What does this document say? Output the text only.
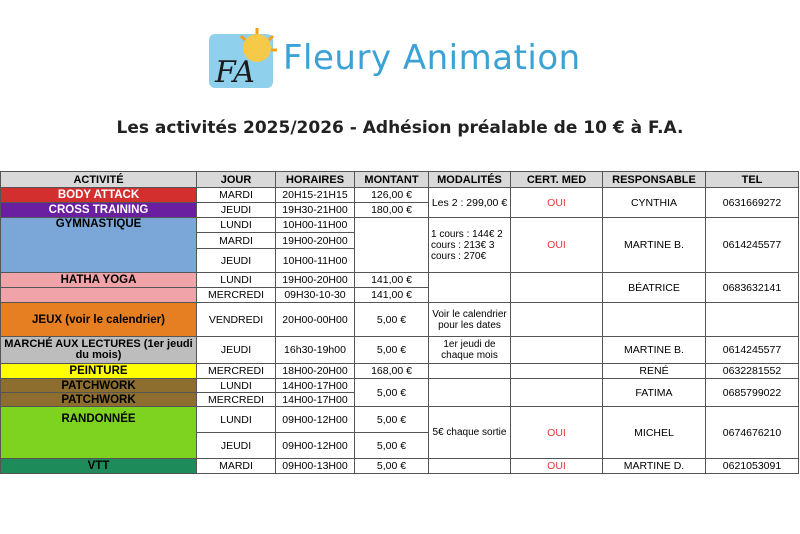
FA Fleury Animation
Les activités 2025/2026 - Adhésion préalable de 10 € à F.A.
ACTIVITÉ	JOUR	HORAIRES	MONTANT	MODALITÉS	CERT. MED	RESPONSABLE	TEL
BODY ATTACK	MARDI	20H15-21H15	126,00 €	Les 2 : 299,00 €	OUI	CYNTHIA	0631669272
CROSS TRAINING	JEUDI	19H30-21H00	180,00 €				
GYMNASTIQUE	LUNDI	10H00-11H00		1 cours : 144€ 2 cours : 213€ 3 cours : 270€	OUI	MARTINE B.	0614245577
	MARDI	19H00-20H00					
	JEUDI	10H00-11H00					
HATHA YOGA	LUNDI	19H00-20H00	141,00 €			BÉATRICE	0683632141
	MERCREDI	09H30-10-30	141,00 €				
JEUX (voir le calendrier)	VENDREDI	20H00-00H00	5,00 €	Voir le calendrier pour les dates			
MARCHÉ AUX LECTURES (1er jeudi du mois)	JEUDI	16h30-19h00	5,00 €	1er jeudi de chaque mois		MARTINE B.	0614245577
PEINTURE	MERCREDI	18H00-20H00	168,00 €			RENÉ	0632281552
PATCHWORK	LUNDI	14H00-17H00	5,00 €			FATIMA	0685799022
PATCHWORK	MERCREDI	14H00-17H00					
RANDONNÉE	LUNDI	09H00-12H00	5,00 €	5€ chaque sortie	OUI	MICHEL	0674676210
	JEUDI	09H00-12H00	5,00 €				
VTT	MARDI	09H00-13H00	5,00 €		OUI	MARTINE D.	0621053091
